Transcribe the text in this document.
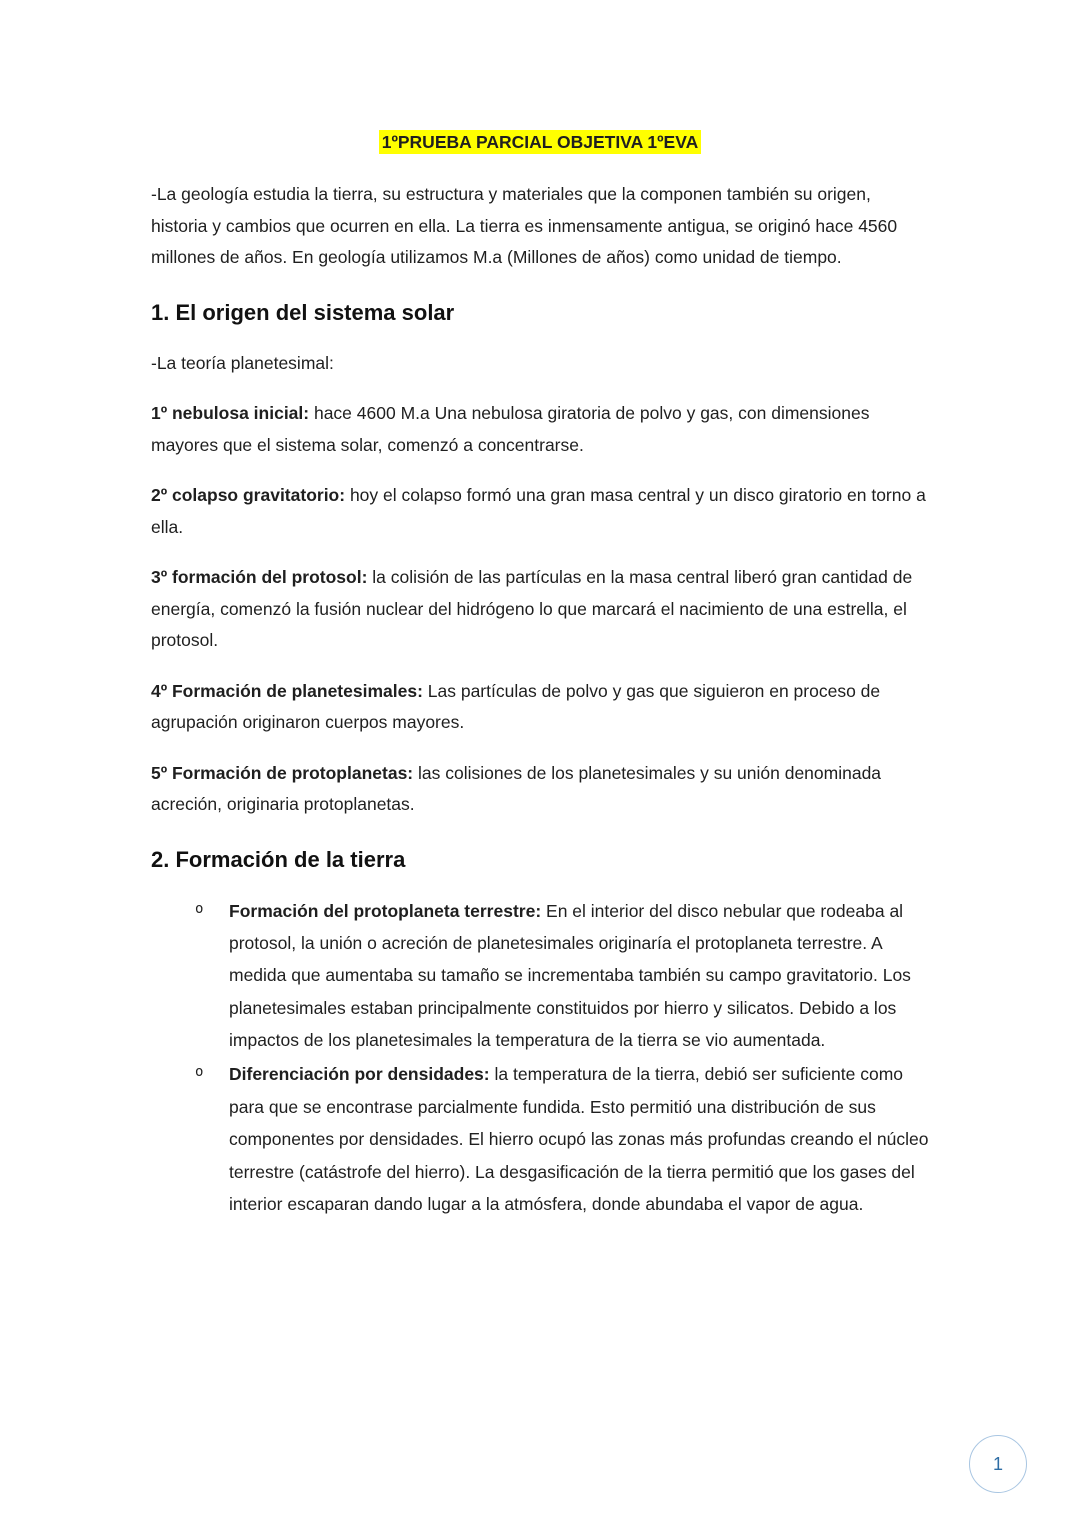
1ºPRUEBA PARCIAL OBJETIVA 1ºEVA

-La geología estudia la tierra, su estructura y materiales que la componen también su origen, historia y cambios que ocurren en ella. La tierra es inmensamente antigua, se originó hace 4560 millones de años. En geología utilizamos M.a (Millones de años) como unidad de tiempo.

1. El origen del sistema solar

-La teoría planetesimal:

1º nebulosa inicial: hace 4600 M.a Una nebulosa giratoria de polvo y gas, con dimensiones mayores que el sistema solar, comenzó a concentrarse.

2º colapso gravitatorio: hoy el colapso formó una gran masa central y un disco giratorio en torno a ella.

3º formación del protosol: la colisión de las partículas en la masa central liberó gran cantidad de energía, comenzó la fusión nuclear del hidrógeno lo que marcará el nacimiento de una estrella, el protosol.

4º Formación de planetesimales: Las partículas de polvo y gas que siguieron en proceso de agrupación originaron cuerpos mayores.

5º Formación de protoplanetas: las colisiones de los planetesimales y su unión denominada acreción, originaria protoplanetas.

2. Formación de la tierra
o Formación del protoplaneta terrestre: En el interior del disco nebular que rodeaba al protosol, la unión o acreción de planetesimales originaría el protoplaneta terrestre. A medida que aumentaba su tamaño se incrementaba también su campo gravitatorio. Los planetesimales estaban principalmente constituidos por hierro y silicatos. Debido a los impactos de los planetesimales la temperatura de la tierra se vio aumentada.
o Diferenciación por densidades: la temperatura de la tierra, debió ser suficiente como para que se encontrase parcialmente fundida. Esto permitió una distribución de sus componentes por densidades. El hierro ocupó las zonas más profundas creando el núcleo terrestre (catástrofe del hierro). La desgasificación de la tierra permitió que los gases del interior escaparan dando lugar a la atmósfera, donde abundaba el vapor de agua.
1
